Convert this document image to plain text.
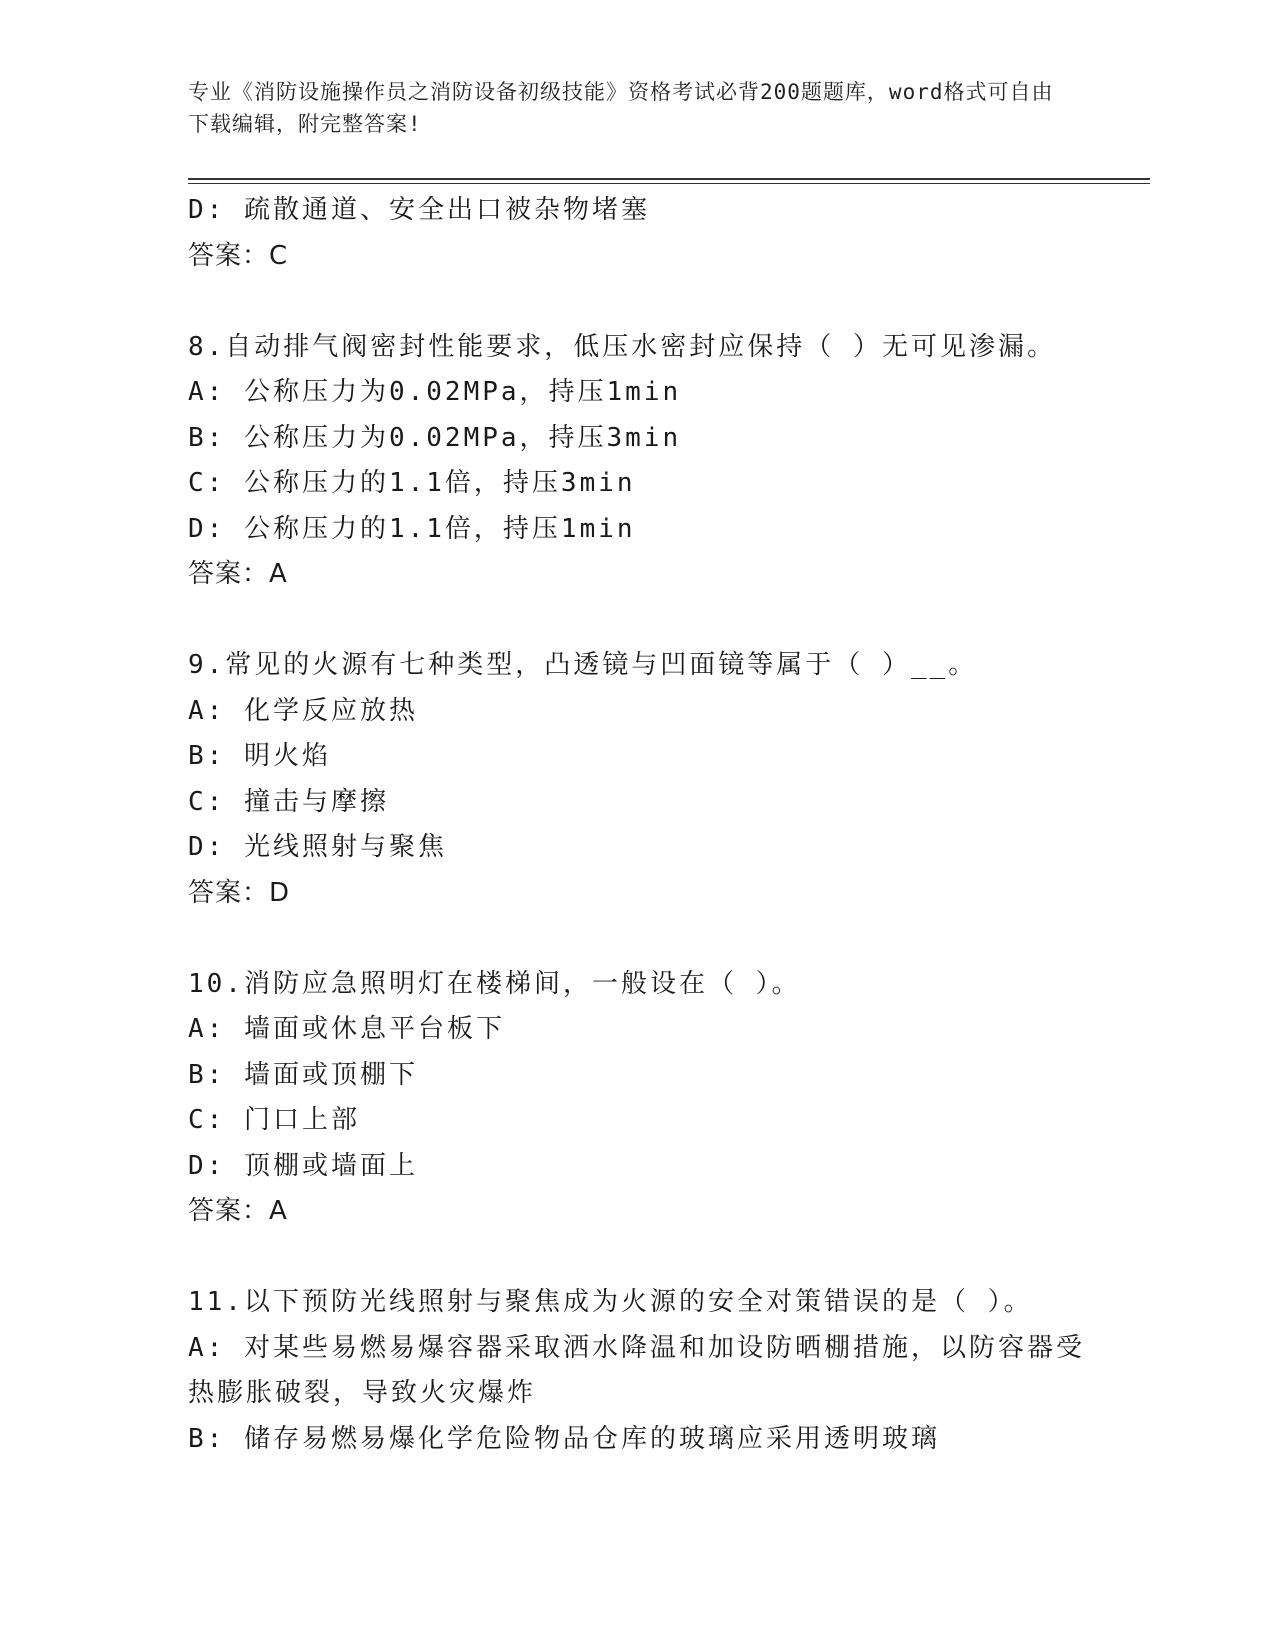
专业《消防设施操作员之消防设备初级技能》资格考试必背200题题库，word格式可自由下载编辑，附完整答案!
D: 疏散通道、安全出口被杂物堵塞
答案：C
8.自动排气阀密封性能要求，低压水密封应保持（ ）无可见渗漏。
A: 公称压力为0.02MPa，持压1min
B: 公称压力为0.02MPa，持压3min
C: 公称压力的1.1倍，持压3min
D: 公称压力的1.1倍，持压1min
答案：A
9.常见的火源有七种类型，凸透镜与凹面镜等属于（ ）__。
A: 化学反应放热
B: 明火焰
C: 撞击与摩擦
D: 光线照射与聚焦
答案：D
10.消防应急照明灯在楼梯间，一般设在（ ）。
A: 墙面或休息平台板下
B: 墙面或顶棚下
C: 门口上部
D: 顶棚或墙面上
答案：A
11.以下预防光线照射与聚焦成为火源的安全对策错误的是（ ）。
A: 对某些易燃易爆容器采取洒水降温和加设防晒棚措施，以防容器受热膨胀破裂，导致火灾爆炸
B: 储存易燃易爆化学危险物品仓库的玻璃应采用透明玻璃
